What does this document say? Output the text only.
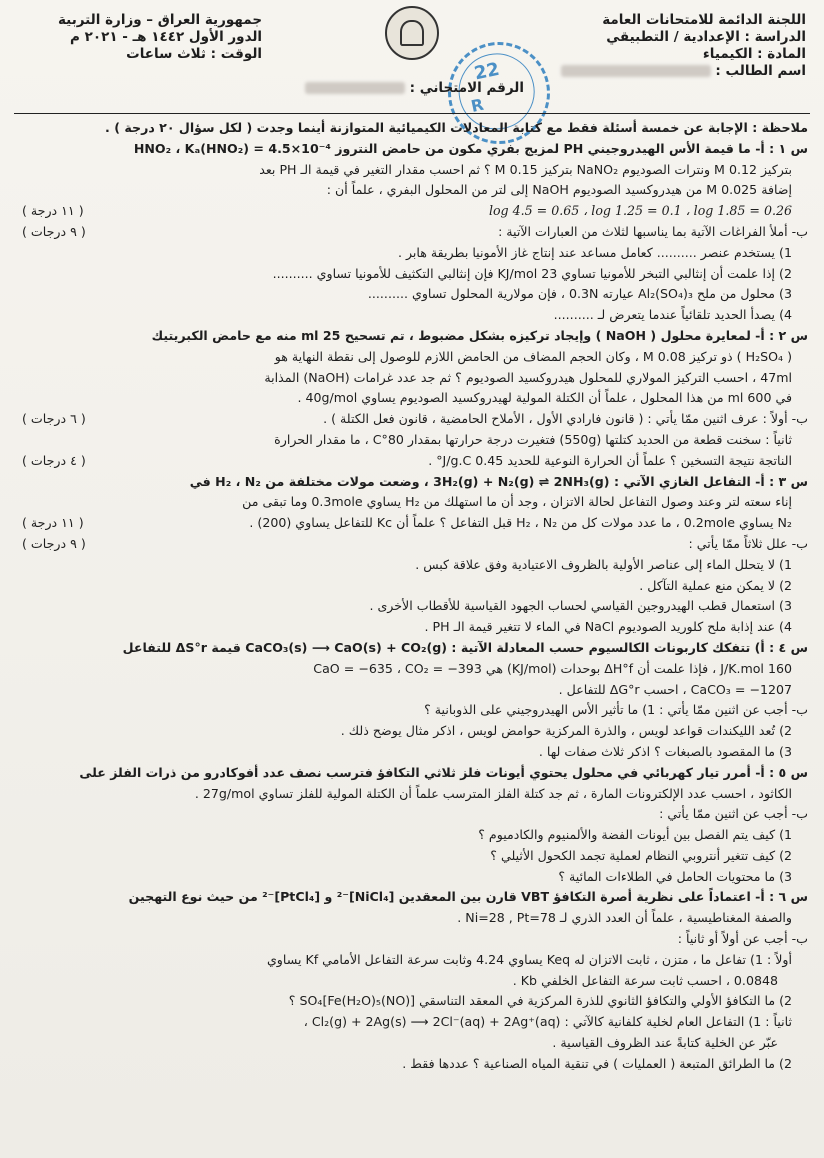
اللجنة الدائمة للامتحانات العامة
الدراسة : الإعدادية / التطبيقي
المادة : الكيمياء
اسم الطالب :
22
R
جمهورية العراق – وزارة التربية
الدور الأول ١٤٤٢ هـ - ٢٠٢١ م
الوقت : ثلاث ساعات
الرقم الامتحاني :

ملاحظة : الإجابة عن خمسة أسئلة فقط مع كتابة المعادلات الكيميائية المتوازنة أينما وجدت ( لكل سؤال ٢٠ درجة ) .

س ١ : أ- ما قيمة الأس الهيدروجيني PH لمزيج بفري مكون من حامض النتروز HNO₂ ، Kₐ(HNO₂) = 4.5×10⁻⁴

بتركيز 0.12 M ونترات الصوديوم NaNO₂ بتركيز 0.15 M ؟ ثم احسب مقدار التغير في قيمة الـ PH بعد

إضافة 0.025 M من هيدروكسيد الصوديوم NaOH إلى لتر من المحلول البفري ، علماً أن :

( ١١ درجة )	log 4.5 = 0.65 ، log 1.25 = 0.1 ، log 1.85 = 0.26

( ٩ درجات )	ب- أملأ الفراغات الآتية بما يناسبها لثلاث من العبارات الآتية :

1) يستخدم عنصر .......... كعامل مساعد عند إنتاج غاز الأمونيا بطريقة هابر .

2) إذا علمت أن إنثالبي التبخر للأمونيا تساوي 23 KJ/mol فإن إنثالبي التكثيف للأمونيا تساوي ..........

3) محلول من ملح Al₂(SO₄)₃ عيارته 0.3N ، فإن مولارية المحلول تساوي ..........

4) يصدأ الحديد تلقائياً عندما يتعرض لـ ..........

س ٢ : أ- لمعايرة محلول ( NaOH ) وإيجاد تركيزه بشكل مضبوط ، تم تسحيح 25 ml منه مع حامض الكبريتيك

( H₂SO₄ ) ذو تركيز 0.08 M ، وكان الحجم المضاف من الحامض اللازم للوصول إلى نقطة النهاية هو

47ml ، احسب التركيز المولاري للمحلول هيدروكسيد الصوديوم ؟ ثم جد عدد غرامات (NaOH) المذابة

في 600 ml من هذا المحلول ، علماً أن الكتلة المولية لهيدروكسيد الصوديوم يساوي 40g/mol .

( ٦ درجات )	ب- أولاً : عرف اثنين ممّا يأتي : ( قانون فارادي الأول ، الأملاح الحامضية ، قانون فعل الكتلة ) .

ثانياً : سخنت قطعة من الحديد كتلتها (550g) فتغيرت درجة حرارتها بمقدار 80°C ، ما مقدار الحرارة

( ٤ درجات )	الناتجة نتيجة التسخين ؟ علماً أن الحرارة النوعية للحديد 0.45 J/g.C° .

س ٣ : أ- التفاعل الغازي الآتي : 3H₂(g) + N₂(g) ⇌ 2NH₃(g) ، وضعت مولات مختلفة من H₂ ، N₂ في

إناء سعته لتر وعند وصول التفاعل لحالة الاتزان ، وجد أن ما استهلك من H₂ يساوي 0.3mole وما تبقى من

( ١١ درجة )	N₂ يساوي 0.2mole ، ما عدد مولات كل من H₂ ، N₂ قبل التفاعل ؟ علماً أن Kc للتفاعل يساوي (200) .

( ٩ درجات )	ب- علل ثلاثاً ممّا يأتي :

1) لا يتحلل الماء إلى عناصر الأولية بالظروف الاعتيادية وفق علاقة كبس .

2) لا يمكن منع عملية التآكل .

3) استعمال قطب الهيدروجين القياسي لحساب الجهود القياسية للأقطاب الأخرى .

4) عند إذابة ملح كلوريد الصوديوم NaCl في الماء لا تتغير قيمة الـ PH .

س ٤ : أ) تتفكك كاربونات الكالسيوم حسب المعادلة الآتية : CaCO₃(s) ⟶ CaO(s) + CO₂(g) قيمة ΔS°r للتفاعل

160 J/K.mol ، فإذا علمت أن ΔH°f بوحدات (KJ/mol) هي CaO = −635 ، CO₂ = −393

CaCO₃ = −1207 ، احسب ΔG°r للتفاعل .

ب- أجب عن اثنين ممّا يأتي : 1) ما تأثير الأس الهيدروجيني على الذوبانية ؟

2) تُعد الليكندات قواعد لويس ، والذرة المركزية حوامض لويس ، اذكر مثال يوضح ذلك .

3) ما المقصود بالصبغات ؟ اذكر ثلاث صفات لها .

س ٥ : أ- أمرر تيار كهربائي في محلول يحتوي أيونات فلز ثلاثي التكافؤ فترسب نصف عدد أفوكادرو من ذرات الفلز على

الكاثود ، احسب عدد الإلكترونات المارة ، ثم جد كتلة الفلز المترسب علماً أن الكتلة المولية للفلز تساوي 27g/mol .

ب- أجب عن اثنين ممّا يأتي :

1) كيف يتم الفصل بين أيونات الفضة والألمنيوم والكادميوم ؟

2) كيف تتغير أنتروبي النظام لعملية تجمد الكحول الأثيلي ؟

3) ما محتويات الحامل في الطلاءات المائية ؟

س ٦ : أ- اعتماداً على نظرية أصرة التكافؤ VBT قارن بين المعقدين [NiCl₄]⁻² و [PtCl₄]⁻² من حيث نوع التهجين

والصفة المغناطيسية ، علماً أن العدد الذري لـ Ni=28 , Pt=78 .

ب- أجب عن أولاً أو ثانياً :

أولاً : 1) تفاعل ما ، متزن ، ثابت الاتزان له Keq يساوي 4.24 وثابت سرعة التفاعل الأمامي Kf يساوي

0.0848 ، احسب ثابت سرعة التفاعل الخلفي Kb .

2) ما التكافؤ الأولي والتكافؤ الثانوي للذرة المركزية في المعقد التناسقي [Fe(H₂O)₅(NO)]SO₄ ؟

ثانياً : 1) التفاعل العام لخلية كلفانية كالآتي : Cl₂(g) + 2Ag(s) ⟶ 2Cl⁻(aq) + 2Ag⁺(aq) ،

عبّر عن الخلية كتابةً عند الظروف القياسية .

2) ما الطرائق المتبعة ( العمليات ) في تنقية المياه الصناعية ؟ عددها فقط .
